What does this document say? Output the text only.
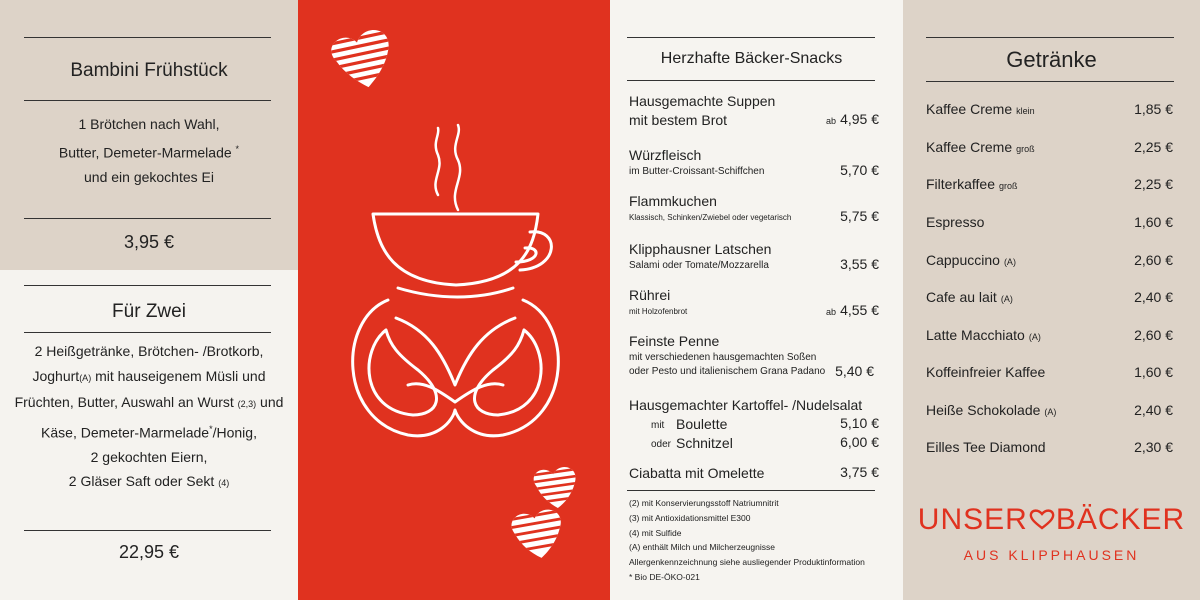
Bambini Frühstück
1 Brötchen nach Wahl,
Butter, Demeter-Marmelade *
und ein gekochtes Ei
3,95 €
Für Zwei
2 Heißgetränke, Brötchen- /Brotkorb,
Joghurt(A) mit hauseigenem Müsli und
Früchten, Butter, Auswahl an Wurst (2,3) und
Käse, Demeter-Marmelade*/Honig,
2 gekochten Eiern,
2 Gläser Saft oder Sekt (4)
22,95 €
Herzhafte Bäcker-Snacks
Hausgemachte Suppen
mit bestem Brot	ab 4,95 €
Würzfleisch
im Butter-Croissant-Schiffchen	5,70 €
Flammkuchen
Klassisch, Schinken/Zwiebel oder vegetarisch	5,75 €
Klipphausner Latschen
Salami oder Tomate/Mozzarella	3,55 €
Rührei
mit Holzofenbrot	ab 4,55 €
Feinste Penne
mit verschiedenen hausgemachten Soßen
oder Pesto und italienischem Grana Padano 5,40 €
Hausgemachter Kartoffel- /Nudelsalat
mit Boulette	5,10 €
oder Schnitzel	6,00 €
Ciabatta mit Omelette	3,75 €
(2) mit Konservierungsstoff Natriumnitrit
(3) mit Antioxidationsmittel E300
(4) mit Sulfide
(A) enthält Milch und Milcherzeugnisse
Allergenkennzeichnung siehe ausliegender Produktinformation
* Bio DE-ÖKO-021
Getränke
Kaffee Creme klein	1,85 €
Kaffee Creme groß	2,25 €
Filterkaffee groß	2,25 €
Espresso	1,60 €
Cappuccino (A)	2,60 €
Cafe au lait (A)	2,40 €
Latte Macchiato (A)	2,60 €
Koffeinfreier Kaffee	1,60 €
Heiße Schokolade (A)	2,40 €
Eilles Tee Diamond	2,30 €
UNSER BÄCKER
AUS KLIPPHAUSEN
